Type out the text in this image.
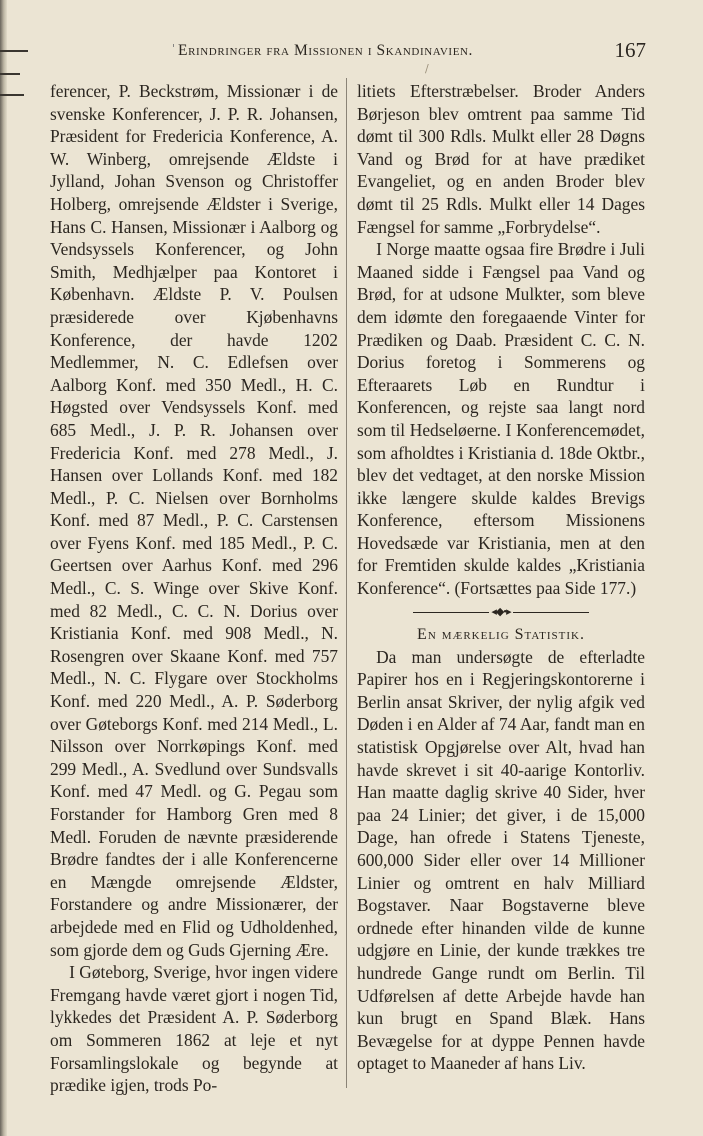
' Erindringer fra Missionen i Skandinavien.	167
/

ferencer, P. Beckstrøm, Missionær i de svenske Konferencer, J. P. R. Johansen, Præsident for Fredericia Konference, A. W. Winberg, omrejsende Ældste i Jylland, Johan Svenson og Christoffer Holberg, omrejsende Ældster i Sverige, Hans C. Hansen, Missionær i Aalborg og Vendsyssels Konferencer, og John Smith, Medhjælper paa Kontoret i København. Ældste P. V. Poulsen præsiderede over Kjøbenhavns Konference, der havde 1202 Medlemmer, N. C. Edlefsen over Aalborg Konf. med 350 Medl., H. C. Høgsted over Vendsyssels Konf. med 685 Medl., J. P. R. Johansen over Fredericia Konf. med 278 Medl., J. Hansen over Lollands Konf. med 182 Medl., P. C. Nielsen over Bornholms Konf. med 87 Medl., P. C. Carstensen over Fyens Konf. med 185 Medl., P. C. Geertsen over Aarhus Konf. med 296 Medl., C. S. Winge over Skive Konf. med 82 Medl., C. C. N. Dorius over Kristiania Konf. med 908 Medl., N. Rosengren over Skaane Konf. med 757 Medl., N. C. Flygare over Stockholms Konf. med 220 Medl., A. P. Søderborg over Gøteborgs Konf. med 214 Medl., L. Nilsson over Norrkøpings Konf. med 299 Medl., A. Svedlund over Sundsvalls Konf. med 47 Medl. og G. Pegau som Forstander for Hamborg Gren med 8 Medl. Foruden de nævnte præsiderende Brødre fandtes der i alle Konferencerne en Mængde omrejsende Ældster, Forstandere og andre Missionærer, der arbejdede med en Flid og Udholdenhed, som gjorde dem og Guds Gjerning Ære.

I Gøteborg, Sverige, hvor ingen videre Fremgang havde været gjort i nogen Tid, lykkedes det Præsident A. P. Søderborg om Sommeren 1862 at leje et nyt Forsamlingslokale og begynde at prædike igjen, trods Po-

litiets Efterstræbelser. Broder Anders Børjeson blev omtrent paa samme Tid dømt til 300 Rdls. Mulkt eller 28 Døgns Vand og Brød for at have prædiket Evangeliet, og en anden Broder blev dømt til 25 Rdls. Mulkt eller 14 Dages Fængsel for samme „Forbrydelse“.

I Norge maatte ogsaa fire Brødre i Juli Maaned sidde i Fængsel paa Vand og Brød, for at udsone Mulkter, som bleve dem idømte den foregaaende Vinter for Prædiken og Daab. Præsident C. C. N. Dorius foretog i Sommerens og Efteraarets Løb en Rundtur i Konferencen, og rejste saa langt nord som til Hedseløerne. I Konferencemødet, som afholdtes i Kristiania d. 18de Oktbr., blev det vedtaget, at den norske Mission ikke længere skulde kaldes Brevigs Konference, eftersom Missionens Hovedsæde var Kristiania, men at den for Fremtiden skulde kaldes „Kristiania Konference“. (Fortsættes paa Side 177.)

◂◆•▸

En mærkelig Statistik.

Da man undersøgte de efterladte Papirer hos en i Regjeringskontorerne i Berlin ansat Skriver, der nylig afgik ved Døden i en Alder af 74 Aar, fandt man en statistisk Opgjørelse over Alt, hvad han havde skrevet i sit 40-aarige Kontorliv. Han maatte daglig skrive 40 Sider, hver paa 24 Linier; det giver, i de 15,000 Dage, han ofrede i Statens Tjeneste, 600,000 Sider eller over 14 Millioner Linier og omtrent en halv Milliard Bogstaver. Naar Bogstaverne bleve ordnede efter hinanden vilde de kunne udgjøre en Linie, der kunde trækkes tre hundrede Gange rundt om Berlin. Til Udførelsen af dette Arbejde havde han kun brugt en Spand Blæk. Hans Bevægelse for at dyppe Pennen havde optaget to Maaneder af hans Liv.
